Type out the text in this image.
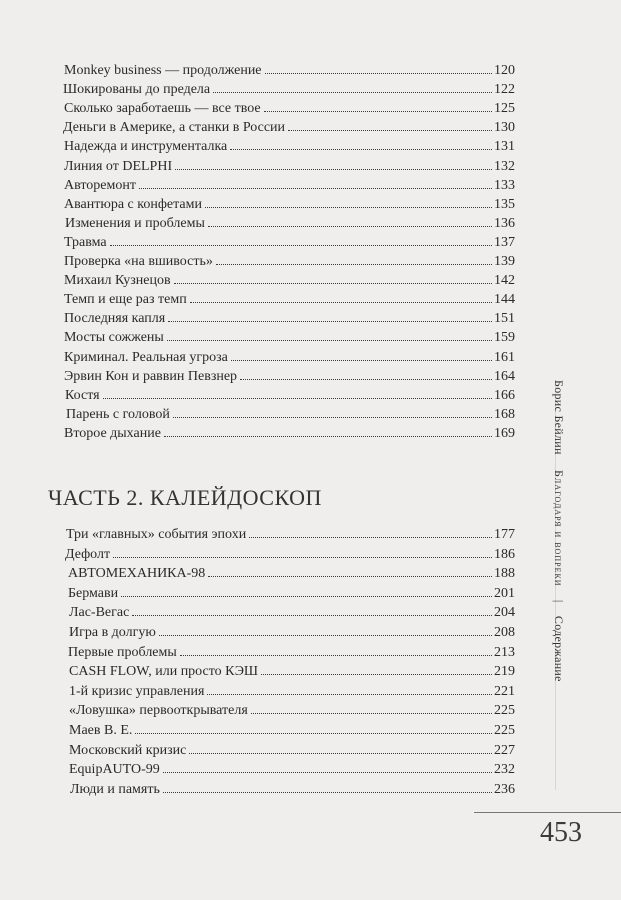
Monkey business — продолжение	120
Шокированы до предела	122
Сколько заработаешь — все твое	125
Деньги в Америке, а станки в России	130
Надежда и инструменталка	131
Линия от DELPHI	132
Авторемонт	133
Авантюра с конфетами	135
Изменения и проблемы	136
Травма	137
Проверка «на вшивость»	139
Михаил Кузнецов	142
Темп и еще раз темп	144
Последняя капля	151
Мосты сожжены	159
Криминал. Реальная угроза	161
Эрвин Кон и раввин Певзнер	164
Костя	166
Парень с головой	168
Второе дыхание	169
Три «главных» события эпохи	177
Дефолт	186
АВТОМЕХАНИКА-98	188
Бермави	201
Лас-Вегас	204
Игра в долгую	208
Первые проблемы	213
CASH FLOW, или просто КЭШ	219
1-й кризис управления	221
«Ловушка» первооткрывателя	225
Маев В. Е.	225
Московский кризис	227
EquipAUTO-99	232
Люди и память	236
ЧАСТЬ 2. КАЛЕЙДОСКОП
Борис Бейлин Благодаря и вопреки | Содержание
453
